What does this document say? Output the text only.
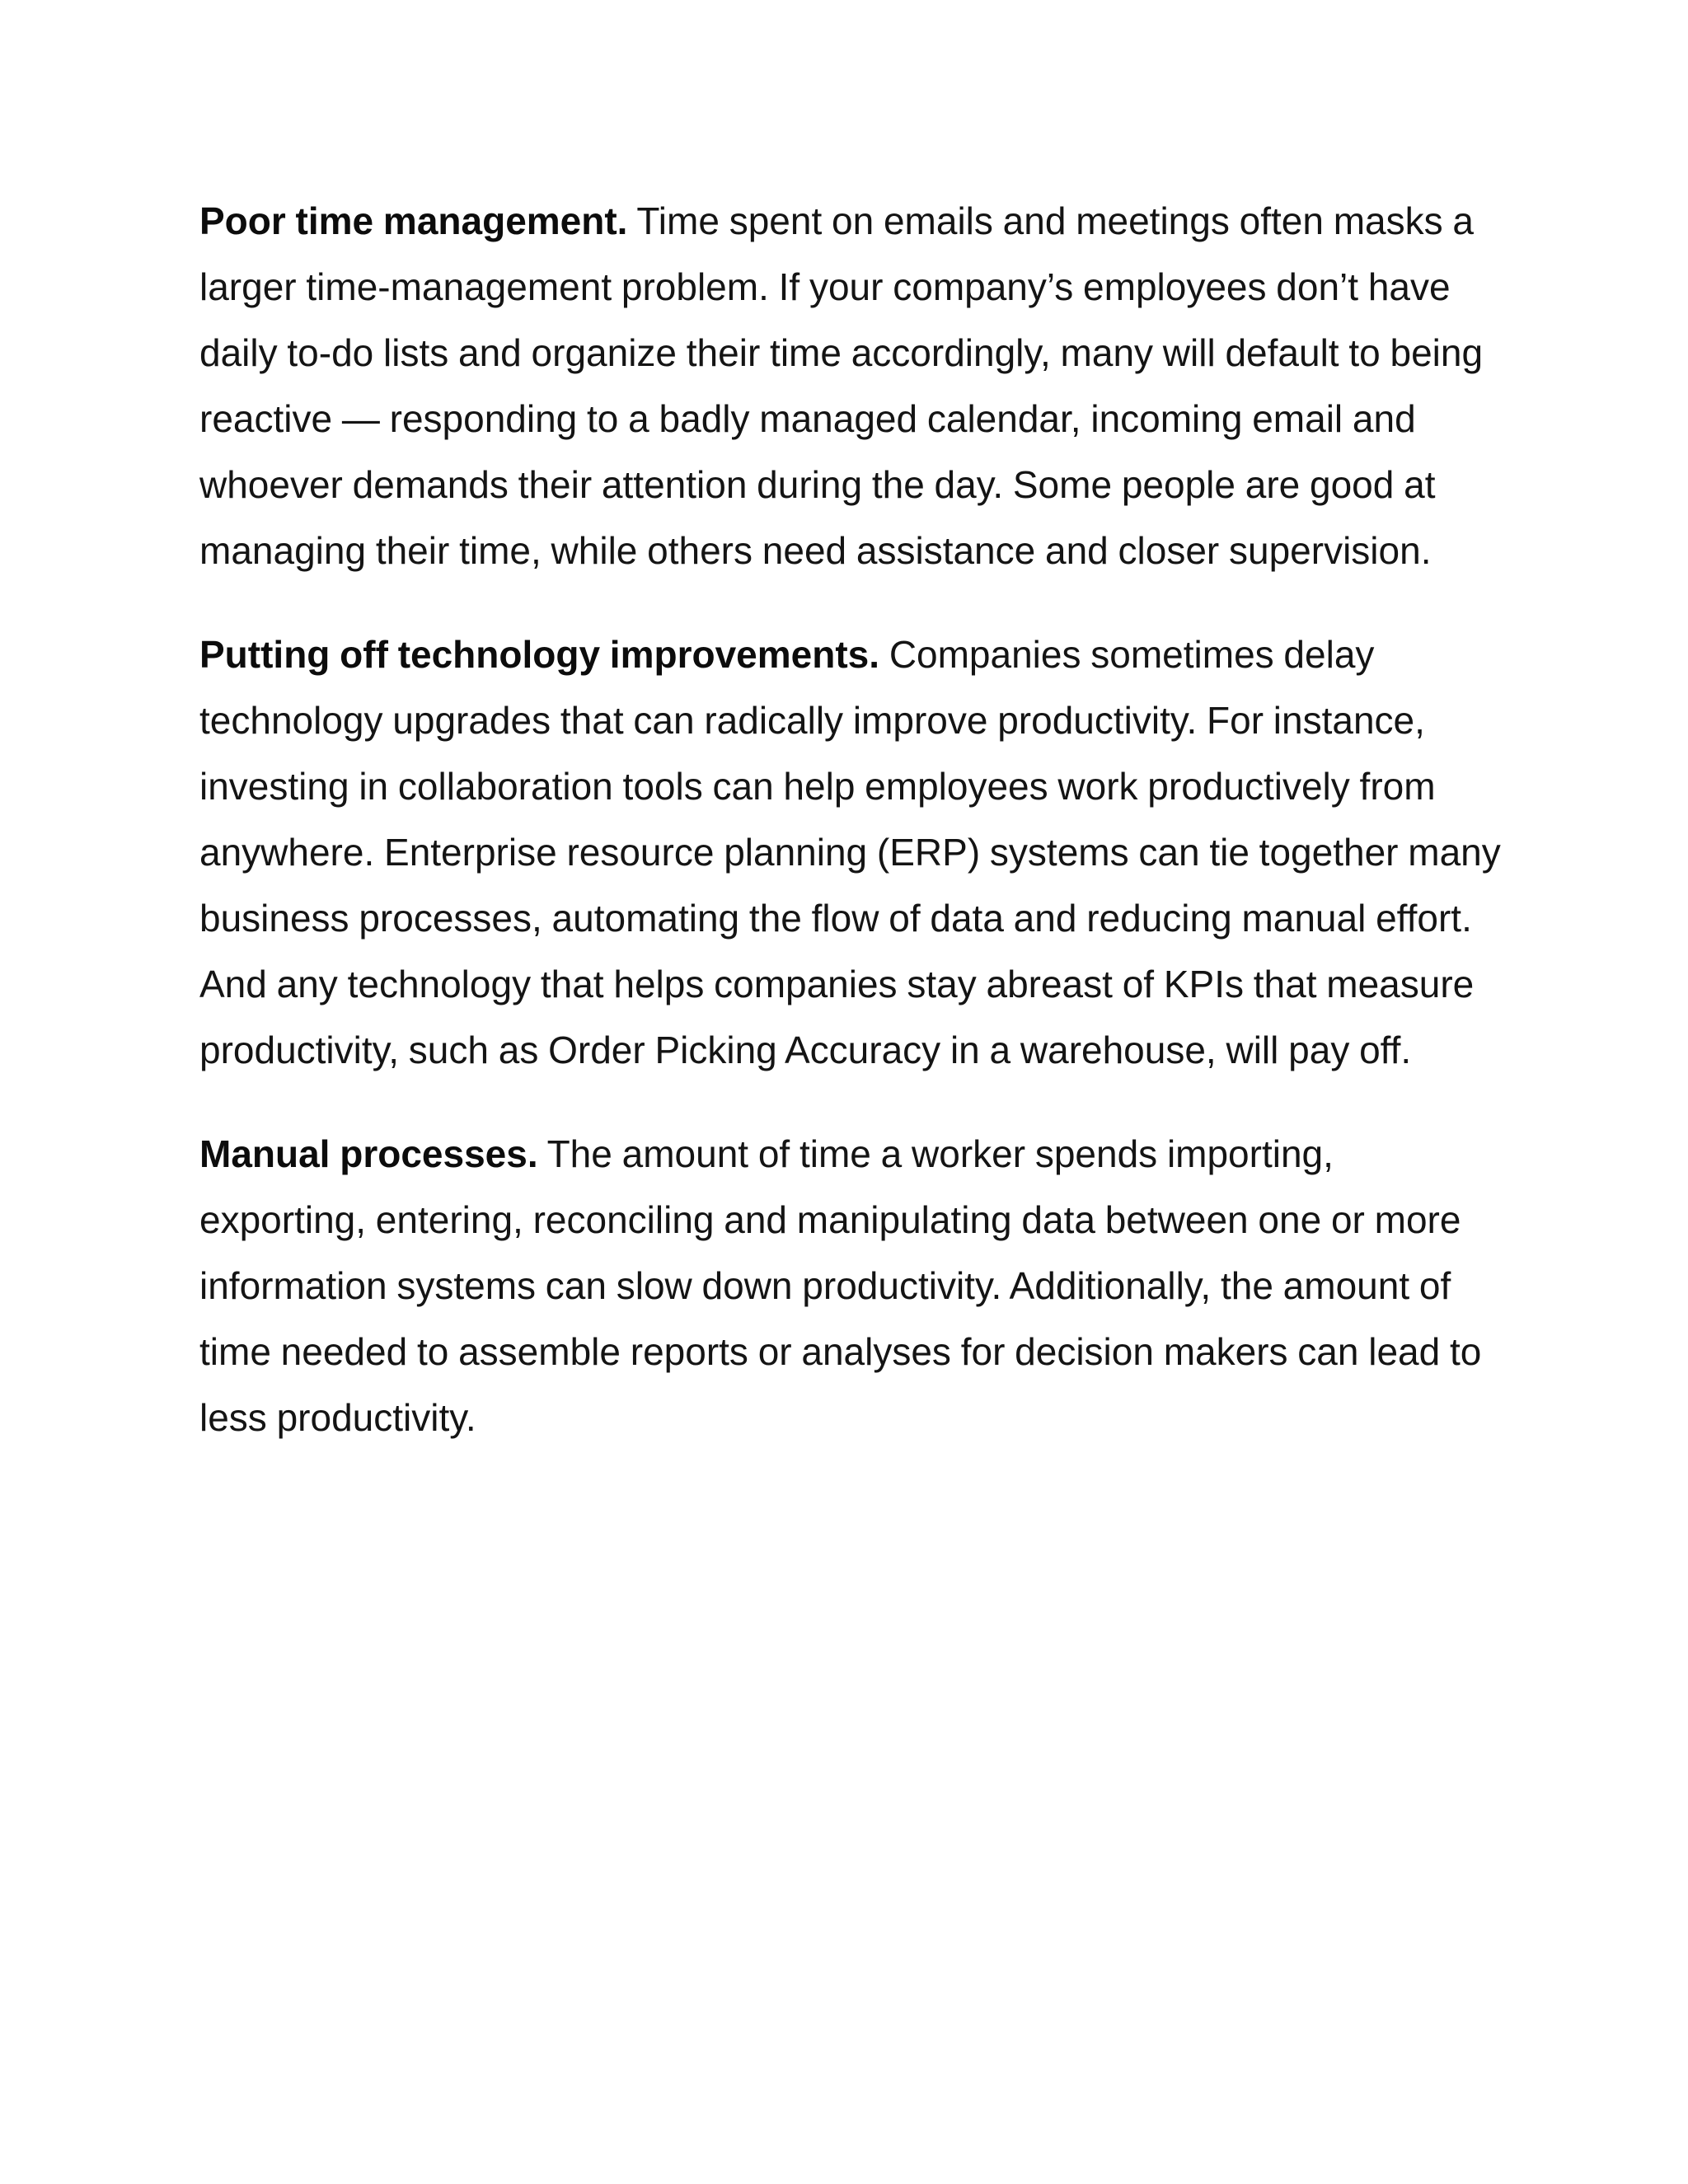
Poor time management. Time spent on emails and meetings often masks a larger time-management problem. If your company’s employees don’t have daily to-do lists and organize their time accordingly, many will default to being reactive — responding to a badly managed calendar, incoming email and whoever demands their attention during the day. Some people are good at managing their time, while others need assistance and closer supervision.

Putting off technology improvements. Companies sometimes delay technology upgrades that can radically improve productivity. For instance, investing in collaboration tools can help employees work productively from anywhere. Enterprise resource planning (ERP) systems can tie together many business processes, automating the flow of data and reducing manual effort. And any technology that helps companies stay abreast of KPIs that measure productivity, such as Order Picking Accuracy in a warehouse, will pay off.

Manual processes. The amount of time a worker spends importing, exporting, entering, reconciling and manipulating data between one or more information systems can slow down productivity. Additionally, the amount of time needed to assemble reports or analyses for decision makers can lead to less productivity.
